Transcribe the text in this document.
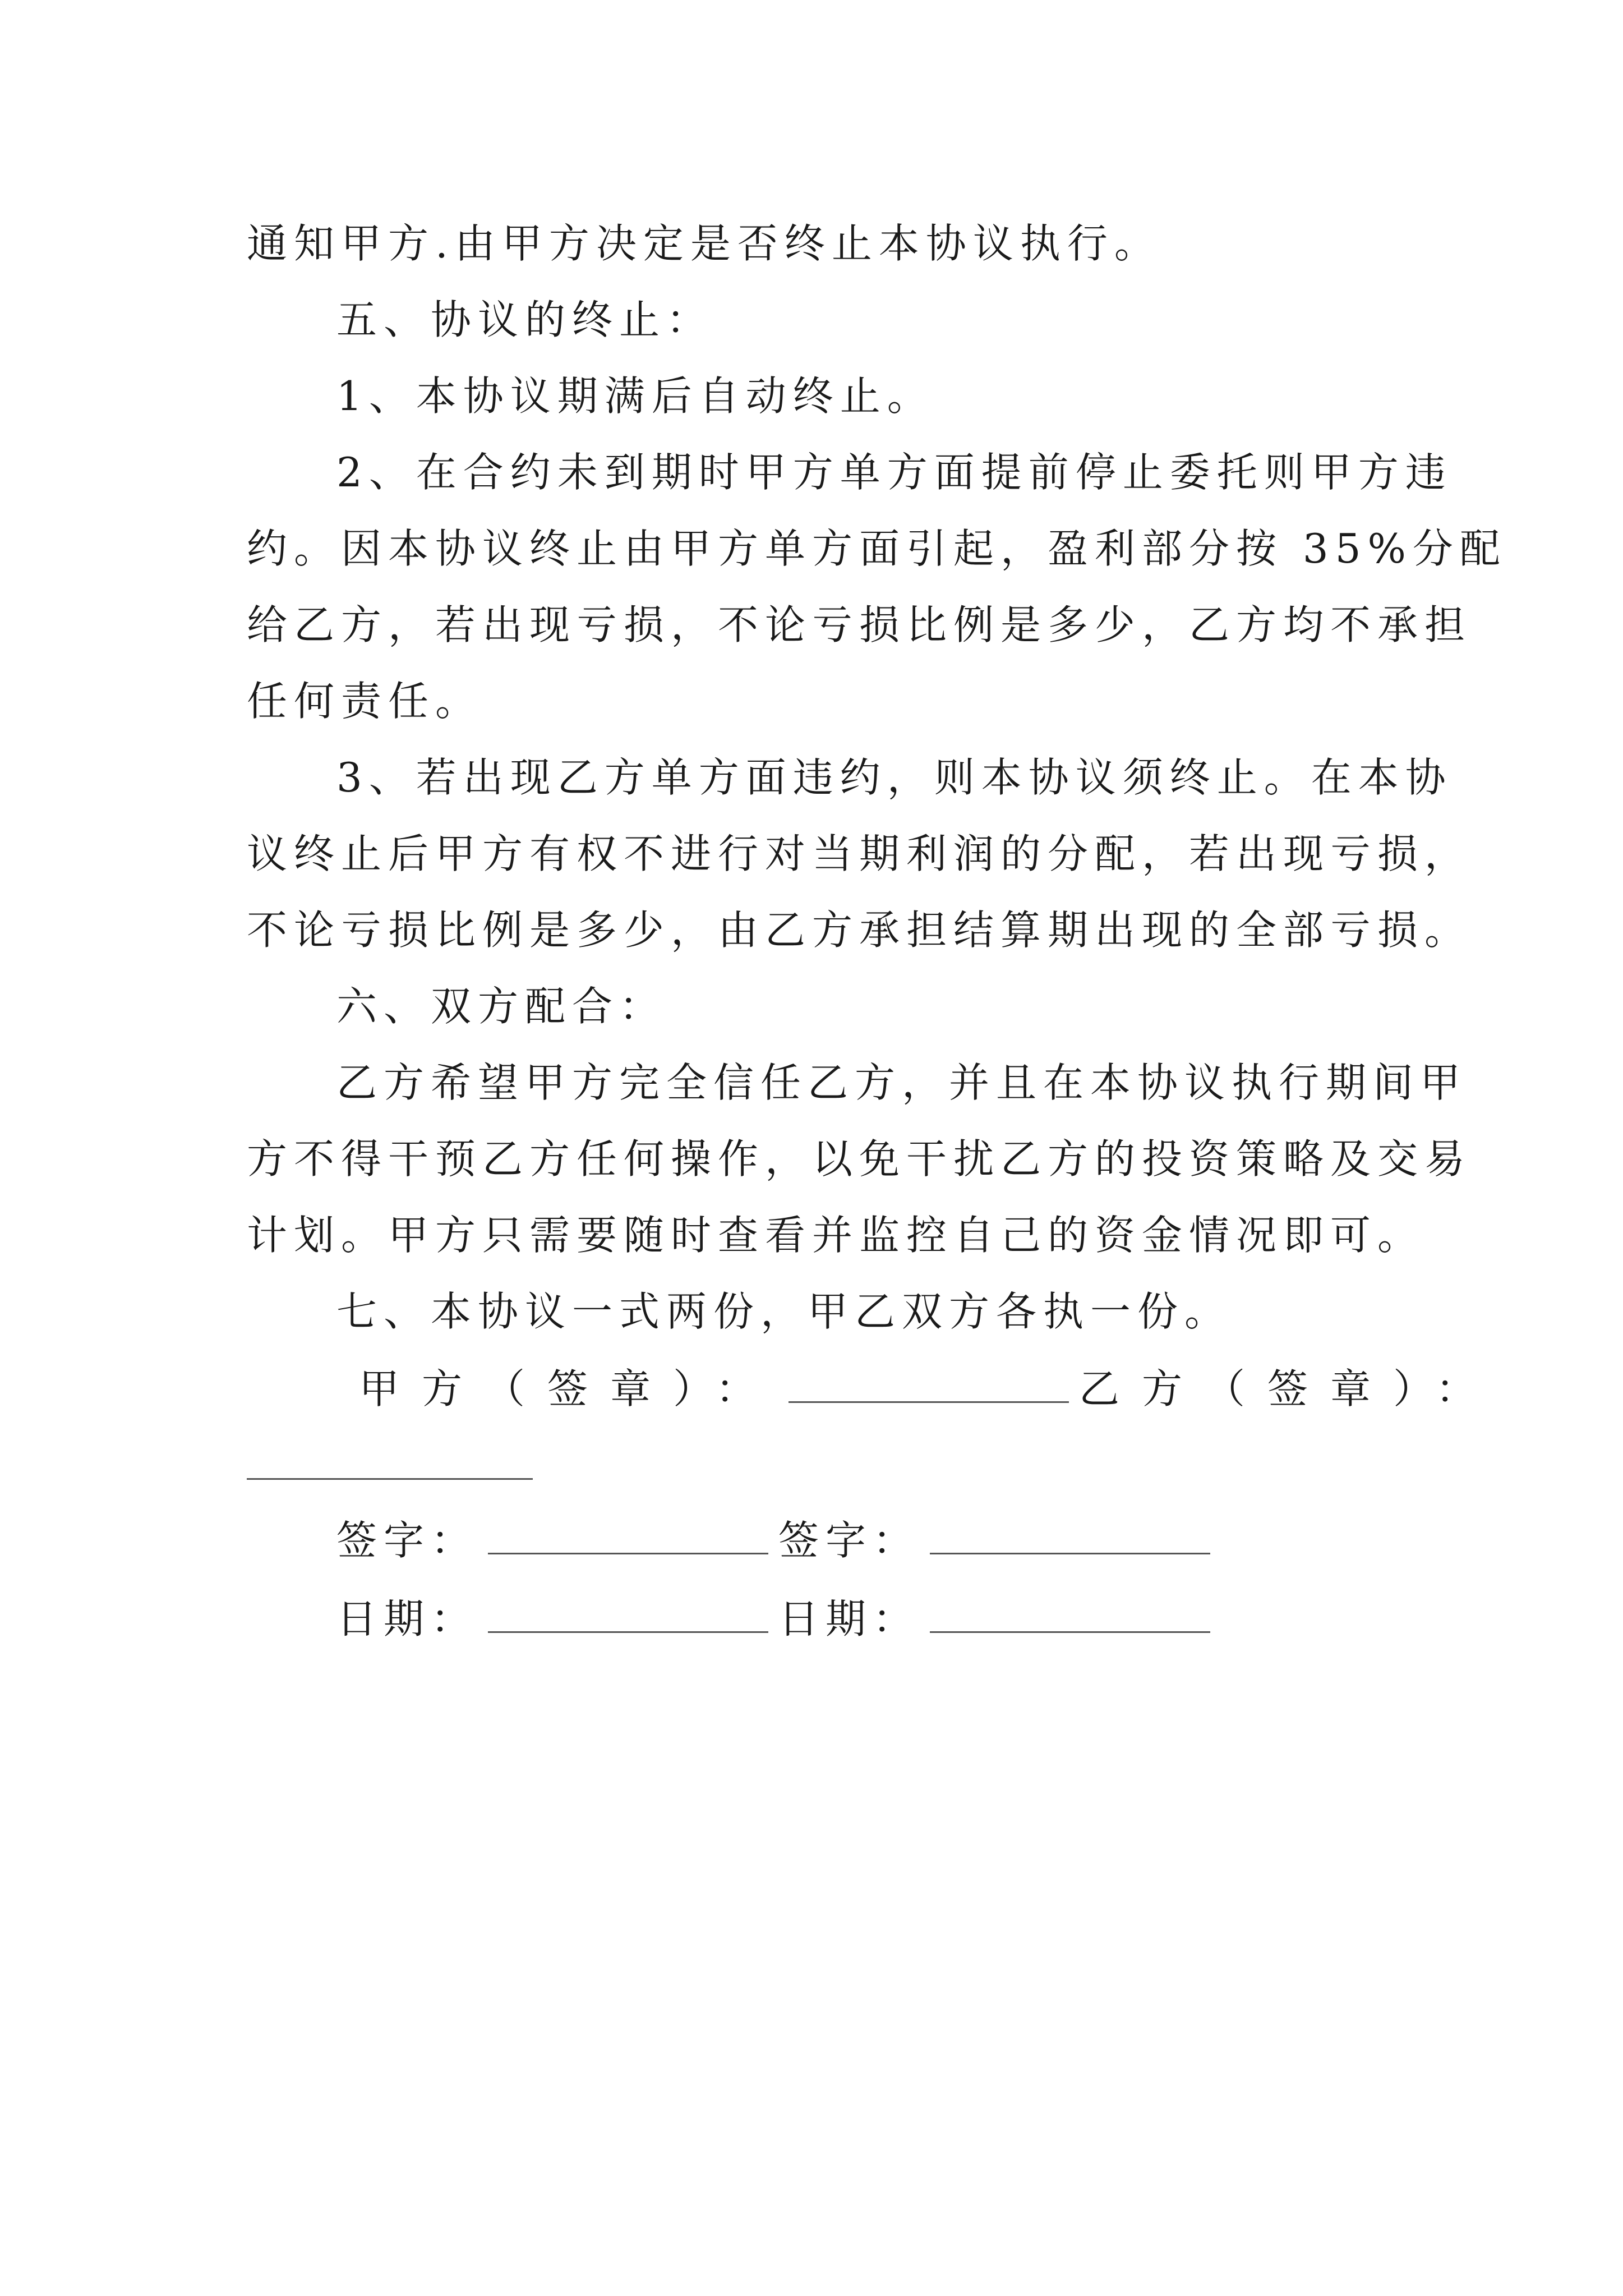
通知甲方.由甲方决定是否终止本协议执行。
五、协议的终止：
1、本协议期满后自动终止。
2、在合约未到期时甲方单方面提前停止委托则甲方违
约。因本协议终止由甲方单方面引起，盈利部分按 35%分配
给乙方，若出现亏损，不论亏损比例是多少，乙方均不承担
任何责任。
3、若出现乙方单方面违约，则本协议须终止。在本协
议终止后甲方有权不进行对当期利润的分配，若出现亏损，
不论亏损比例是多少，由乙方承担结算期出现的全部亏损。
六、双方配合：
乙方希望甲方完全信任乙方，并且在本协议执行期间甲
方不得干预乙方任何操作，以免干扰乙方的投资策略及交易
计划。甲方只需要随时查看并监控自己的资金情况即可。
七、本协议一式两份，甲乙双方各执一份。
甲方（签章）：	乙方（签章）：
签字：	签字：
日期：	日期：
